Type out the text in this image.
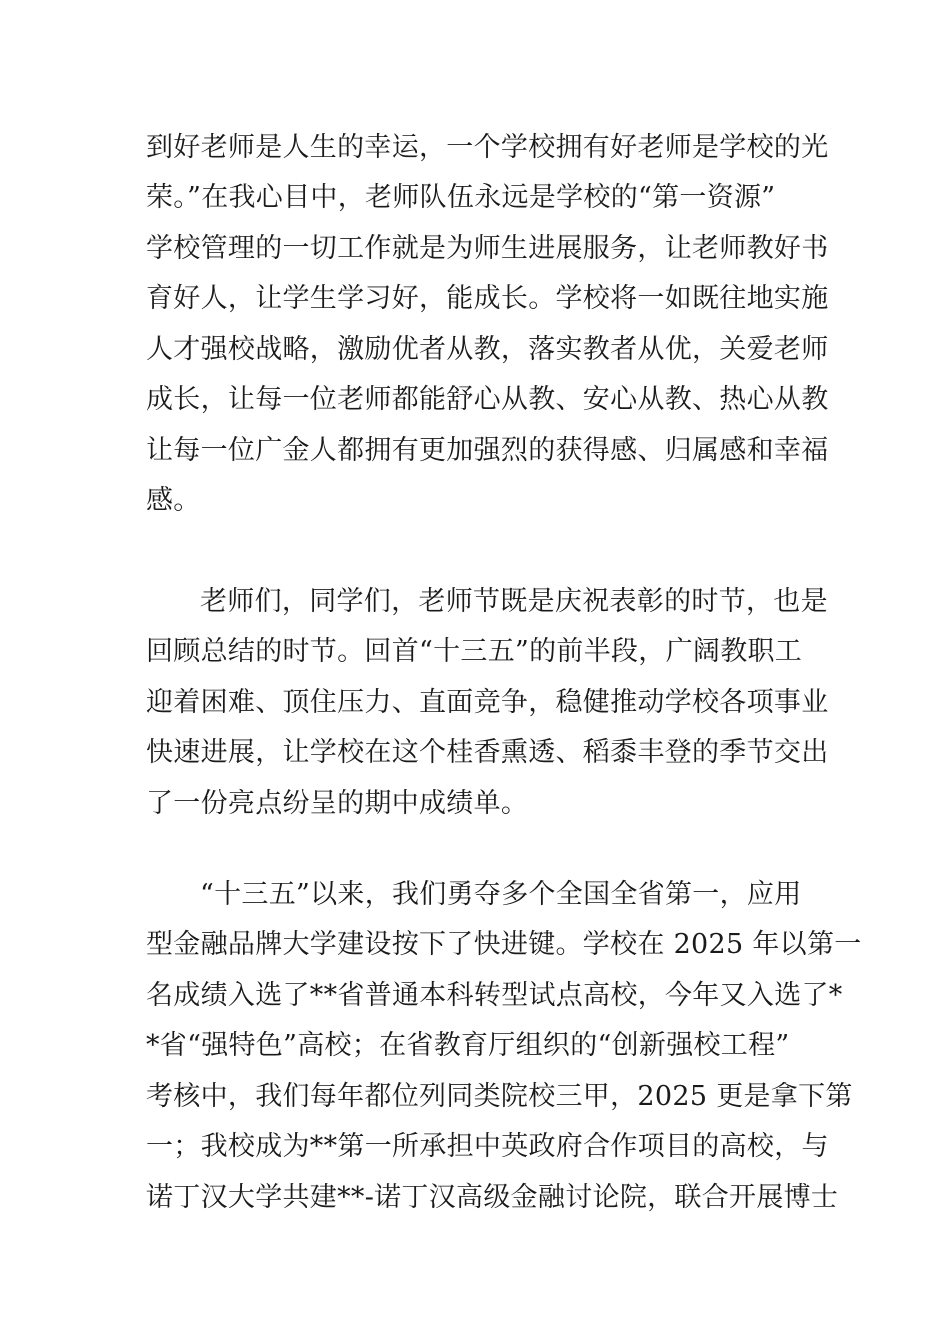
到好老师是人生的幸运，一个学校拥有好老师是学校的光
荣。”在我心目中，老师队伍永远是学校的“第一资源”
学校管理的一切工作就是为师生进展服务，让老师教好书
育好人，让学生学习好，能成长。学校将一如既往地实施
人才强校战略，激励优者从教，落实教者从优，关爱老师
成长，让每一位老师都能舒心从教、安心从教、热心从教
让每一位广金人都拥有更加强烈的获得感、归属感和幸福
感。
老师们，同学们，老师节既是庆祝表彰的时节，也是
回顾总结的时节。回首“十三五”的前半段，广阔教职工
迎着困难、顶住压力、直面竞争，稳健推动学校各项事业
快速进展，让学校在这个桂香熏透、稻黍丰登的季节交出
了一份亮点纷呈的期中成绩单。
“十三五”以来，我们勇夺多个全国全省第一，应用
型金融品牌大学建设按下了快进键。学校在 2025 年以第一
名成绩入选了**省普通本科转型试点高校，今年又入选了*
*省“强特色”高校；在省教育厅组织的“创新强校工程”
考核中，我们每年都位列同类院校三甲，2025 更是拿下第
一；我校成为**第一所承担中英政府合作项目的高校，与
诺丁汉大学共建**-诺丁汉高级金融讨论院，联合开展博士
